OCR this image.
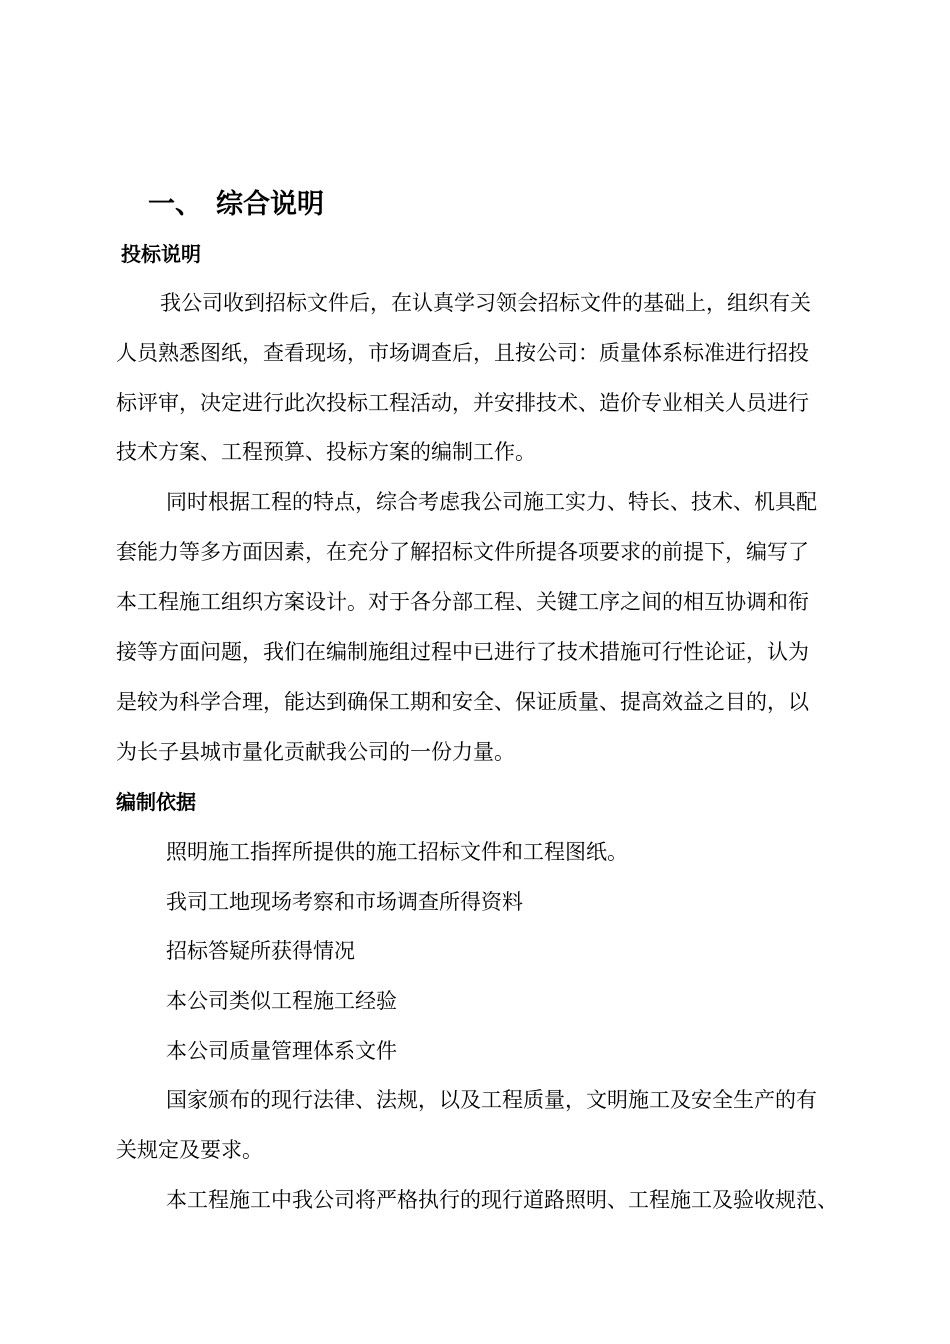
一、 综合说明
投标说明
我公司收到招标文件后，在认真学习领会招标文件的基础上，组织有关
人员熟悉图纸，查看现场，市场调查后，且按公司：质量体系标准进行招投
标评审，决定进行此次投标工程活动，并安排技术、造价专业相关人员进行
技术方案、工程预算、投标方案的编制工作。
同时根据工程的特点，综合考虑我公司施工实力、特长、技术、机具配
套能力等多方面因素，在充分了解招标文件所提各项要求的前提下，编写了
本工程施工组织方案设计。对于各分部工程、关键工序之间的相互协调和衔
接等方面问题，我们在编制施组过程中已进行了技术措施可行性论证，认为
是较为科学合理，能达到确保工期和安全、保证质量、提高效益之目的，以
为长子县城市量化贡献我公司的一份力量。
编制依据
照明施工指挥所提供的施工招标文件和工程图纸。
我司工地现场考察和市场调查所得资料
招标答疑所获得情况
本公司类似工程施工经验
本公司质量管理体系文件
国家颁布的现行法律、法规，以及工程质量，文明施工及安全生产的有
关规定及要求。
本工程施工中我公司将严格执行的现行道路照明、工程施工及验收规范、
